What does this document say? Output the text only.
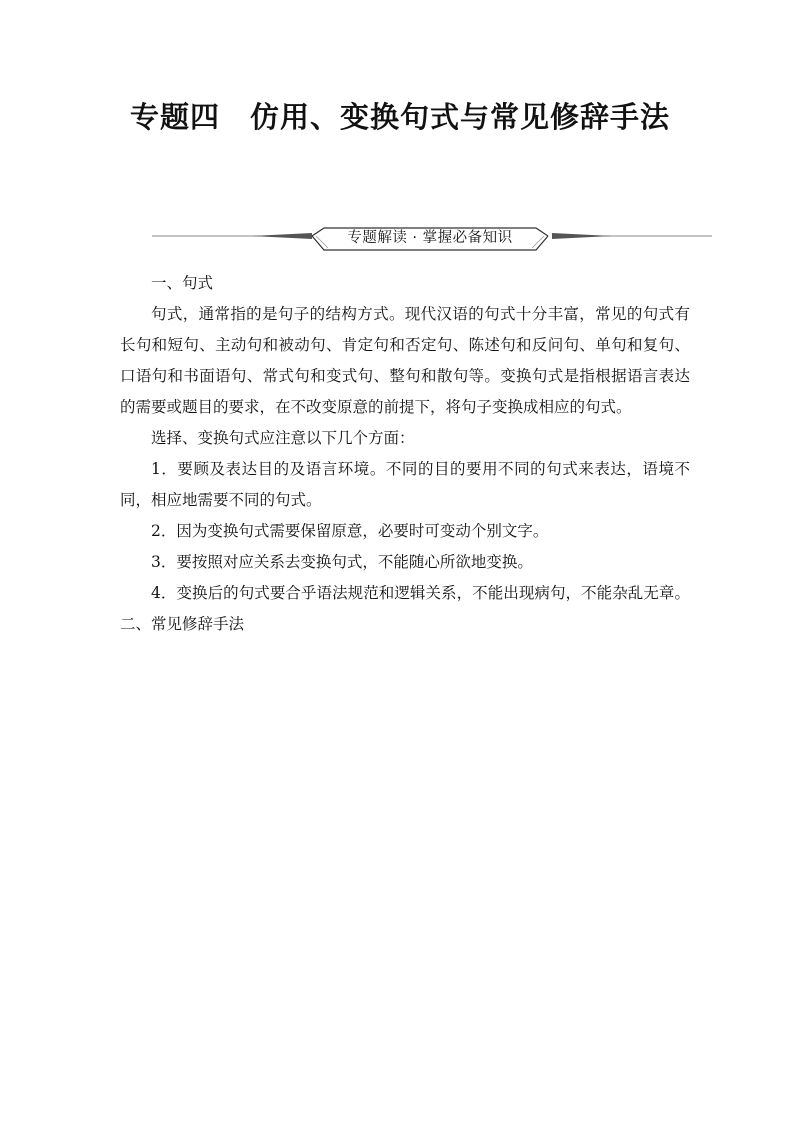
专题四　仿用、变换句式与常见修辞手法
专题解读 · 掌握必备知识

一、句式

句式，通常指的是句子的结构方式。现代汉语的句式十分丰富，常见的句式有长句和短句、主动句和被动句、肯定句和否定句、陈述句和反问句、单句和复句、口语句和书面语句、常式句和变式句、整句和散句等。变换句式是指根据语言表达的需要或题目的要求，在不改变原意的前提下，将句子变换成相应的句式。

选择、变换句式应注意以下几个方面：

1．要顾及表达目的及语言环境。不同的目的要用不同的句式来表达，语境不同，相应地需要不同的句式。

2．因为变换句式需要保留原意，必要时可变动个别文字。

3．要按照对应关系去变换句式，不能随心所欲地变换。

4．变换后的句式要合乎语法规范和逻辑关系，不能出现病句，不能杂乱无章。二、常见修辞手法
